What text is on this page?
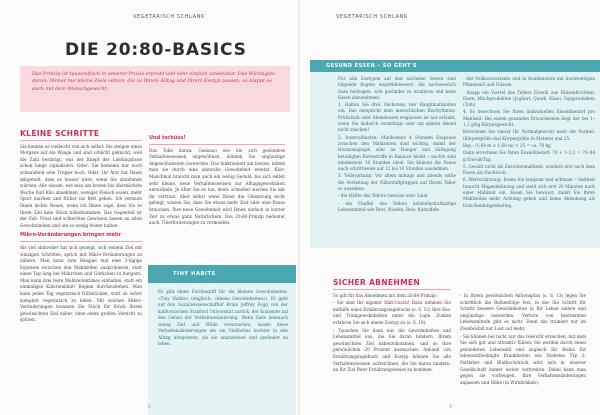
VEGETARISCH SCHLANK
DIE 20:80-BASICS

Das Prinzip ist tausendfach in unserer Praxis erprobt und sehr einfach umsetzbar. Das Wichtigste daran: Immer nur kleine Ziele setzen, die zu Ihrem Alltag und Ihrem Esstyp passen, so klappt es auch mit dem Wunschgewicht.

KLEINE SCHRITTE

Sie kennen es vielleicht von sich selbst: Sie steigen eines Morgens auf die Waage und sind schlicht geknickt, weil die Zahl bestätigt, was der Knopf der Lieblingshose schon lange signalisiert. Oder: Sie kommen nur noch schnaufend eine Treppe hoch. Oder: Ihr Arzt hat Ihnen mitgeteilt, dass es besser wäre, wenn Sie abnehmen würden. Alle wissen, wie man am besten bis übernächste Woche fünf Kilo abnehmen, weniger Fleisch essen, mehr Sport machen und früher ins Bett gehen. Ich vermute Ihnen nichts Neues, wenn ich Ihnen sage, dass Sie so Ihren Ziel kein Stück näherkommen. Das Gegenteil ist der Fall: Frust und schlechtes Gewissen lassen an alten Gewohnheiten und um so wenig festen halten.

Mikro-Veränderungen bringen mehr

Als viel sinnvoller hat sich gezeigt, sich seinem Ziel mit winzigen Schritten, sprich mit Mikro-Veränderungen zu nähern. Man kann zum Beispiel mal eine 3-tägige Espresse zwischen den Mahlzeiten ausprobieren, statt einen Tag lang bei Möhrchen und Gürkchen zu hungern. Man kann drei feste Mahlzeitentimes einhalten, statt ein einmaliges Kalorienlimit! Beginn durchzustehen. Man kann jeden Tag vegetarisch frühstücken, statt ab sofort komplett vegetarisch zu leben. Mit solchen Mikro-Veränderungen kommen Sie Stück für Stück Ihrem gewünschten Ziel näher, ohne einen großen Verzicht zu spüren.

Und tschüss!

Das Tolle daran: Genauso wie Sie sich gesündere Verhaltensweisen angewöhnen, können Sie ungünstige Angewohnheiten loswerden. Das funktioniert am besten, indem man sie durch eine sinnvolle Gewohnheit ersetzt. Klar: Manchmal braucht man auch ein wenig Geduld, bis sich selbst sehr kleine, neue Verhaltensweisen zur Alltagsgewohnheit entwickeln. Je öfter Sie es tun, desto schneller werden Sie mit ihr vertraut. Aber selbst wenn Ihnen die Umsetzung nicht gelingt, wissen Sie, dass Sie etwas mehr Zeit oder eine Pause brauchen. Ihre neue Gewohnheit wird Ihnen einfach in kurzer Zeit zu etwas ganz Natürlichem. Das 20:80-Prinzip bedeutet auch, Überforderungen zu vermeiden.

TINY HABITS

Es gibt einen Fachbegriff für die kleinen Gewohnheiten: »Tiny Habits« (englisch: »kleine Gewohnheiten«). Er geht auf den Sozialwissenschaftler Brian Jeffrey Fogg von der kalifornischen Stanford Universität zurück, der Konzepte auf den Gebiet der Verhaltensänderung. Wenn Ziele demnach wenig Zeit und Mühe verursachen, lassen diese Verhaltensänderungen um ein Vielfaches leichter in den Alltag integrieren, als sie umzusetzen und gesünder zu leben.

8
VEGETARISCH SCHLANK
GESUND ESSEN – SO GEHT'S

Für alle Esstypen auf den nächsten Seiten sind folgende Regeln empfehlenswert, die nachweislich dazu beitragen, sich gesünder zu ernähren und beim Essen abzunehmen:

1. Halten Sie drei, höchstens vier Hauptmahlzeiten ein. Das entspricht dem menschlichen Biorhythmus. Frühstück oder Abendessen weglassen ist nur erlaubt, wenn Sie dadurch vormittags oder am späten Abend nicht snacken!

2. Intervallfasten: Mindestens 4 Stunden Esspause zwischen den Mahlzeiten sind wichtig, damit der Hormonspiegel aller an Hunger und Sättigung beteiligten Botenstoffe in Balance bleibt – nachts sind mindestens 10 Stunden ideal. Sie können die Pause auch schrittweise auf 12 bis 16 Stunden ausdehnen.

3. Tellerprinzip: Vor allem mittags und abends sollte die Verteilung der Nährstoffgruppen auf Ihrem Teller so aussehen:

- die Hälfte des Tellers Gemüse oder Salat

- ein Fünftel des Tellers kohlenhydrathaltige Lebensmittel wie Brot, Nudeln, Reis, Kartoffeln

- der Vollkornvariante und in Kombination mit hochwertigen Pflanzenöl und Nüssen

- knapp ein Viertel des Tellers Eiweiß aus Hülsenfrüchten, Eiern, Milchprodukten (Joghurt, Quark, Käse), Sojaprodukten (Tofu)

4. So berechnen Sie Ihren individuellen Eiweißbedarf pro Mahlzeit: Bei einem gesunden Erwachsenen liegt der bei 1–1,2 g/kg Körpergewicht.

Berechnen Sie zuerst Ihr Normalgewicht nach der Formel: (Körpergröße mal Körpergröße in Metern) mal 25.

Bsp.: (1,68 m × 1,68 m) × 25 = ca. 70 kg

Dann errechnen Sie Ihren Eiweißbedarf: 70 × 1–1,2 = 70–84 g Eiweiß/Tag.

5. Gesüßt nicht als Zwischenmahlzeit, sondern erst nach dem Essen als Nachtisch.

6. Wertschätzung: Essen Sie langsam und achtsam – Sattheit braucht Magendehnung und stellt sich erst 20 Minuten nach einer Mahlzeit ein. Essen Sie bewusst, damit Sie Ihren Mahlzeiten mehr Achtung geben und keine Ablenkung als Entscheidungseinstieg.

SICHER ABNEHMEN

So gilt für das Abnehmen mit dem 20:80-Prinzip:

- Sie sind Ihr eigener Diät-Coach! Dazu nehmen Sie mithilfe eines Ernährungstagebuchs (s. S. 12) Ihre Ess- und Trinkgewohnheiten unter die Lupe. Zudem erfahren Sie sich einem Esstyp zu (s. S. 10).

- Tauschen Sie dann nur die Gewohnheiten und Lebensmittel aus, die Sie daran hindern, Ihrem gewünschten Ziel näherzukommen, und so Ihre persönlichen 20 Prozent ausmachen. Anhand von Ernährungstagebuch und Esstyp können Sie alle Verhaltensweisen aufzeichnen, die Sie daran hindern, an Ihr Ziel Ihrer Ernährungsweise zu kommen.

- In Ihrem persönlichen Aktionsplan (s. S. 13) legen Sie schriftlich die Reihenfolge fest, in der Sie Schritt für Schritt bessere Gewohnheiten in Ihr Leben ziehen und ungünstige loswerden. Verbote von bestimmten Lebensmitteln gibt es nicht. Denn das trainiert nur im Zweifelsfall nur Lust auf mehr.

- Sie können bei nicht nur das Gewicht erreichen, mit dem Sie sich gut und attraktiv fühlen. Sie werden durch einen gesünderen Lebensstil und zugleich Ihr Risiko für lebensstilbedingte Krankheiten wie Diabetes Typ 2, Fettleber und Bluthochdruck wird sich in unserer Gesellschaft immer weiter verbreiten. Dabei kann man gegen sie vorbeugen. Ihre Verhaltensänderungen anpassen und Nähe (in Wirklichkeit).

9
